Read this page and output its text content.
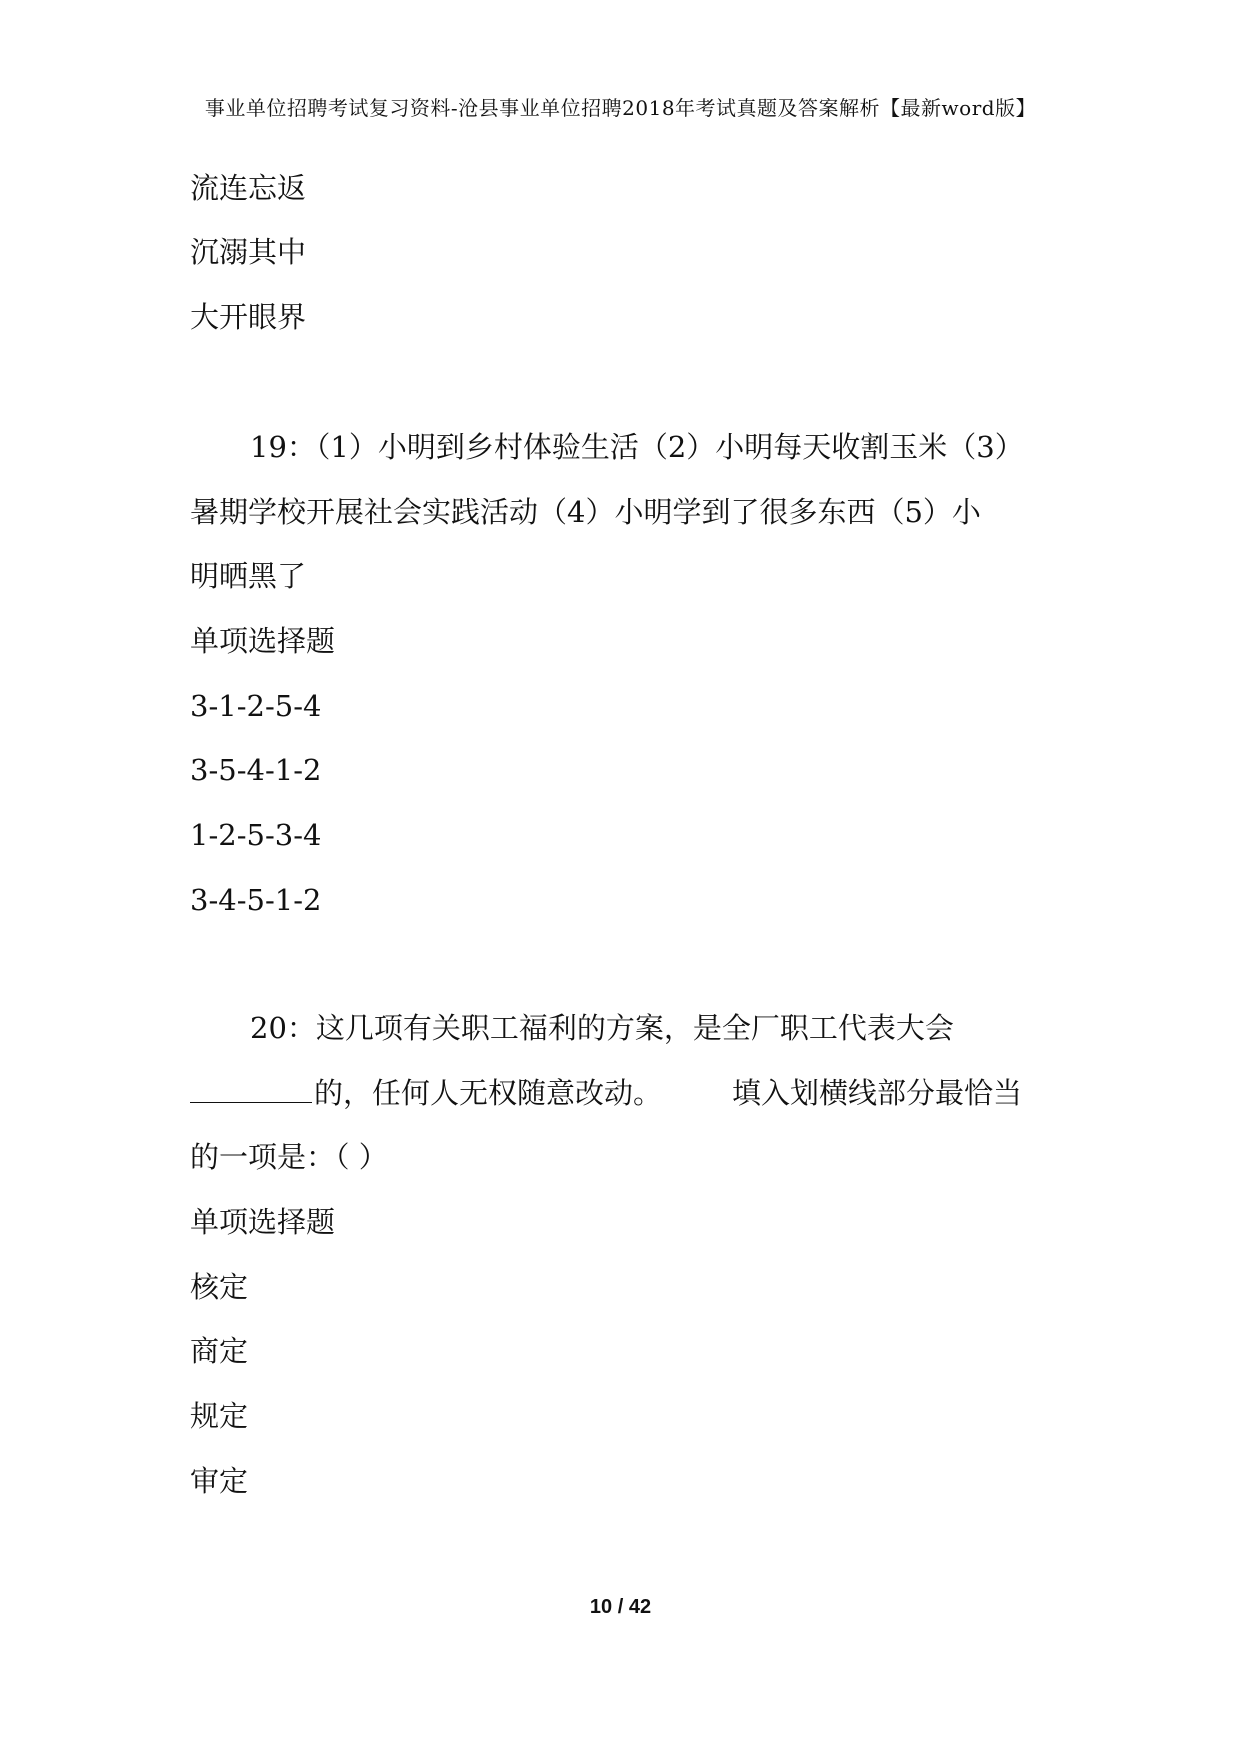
事业单位招聘考试复习资料-沧县事业单位招聘2018年考试真题及答案解析【最新word版】
流连忘返
沉溺其中
大开眼界
19：（1）小明到乡村体验生活（2）小明每天收割玉米（3）
暑期学校开展社会实践活动（4）小明学到了很多东西（5）小
明晒黑了
单项选择题
3-1-2-5-4
3-5-4-1-2
1-2-5-3-4
3-4-5-1-2
20：这几项有关职工福利的方案，是全厂职工代表大会
的，任何人无权随意改动。 填入划横线部分最恰当
的一项是：（ ）
单项选择题
核定
商定
规定
审定
10 / 42
